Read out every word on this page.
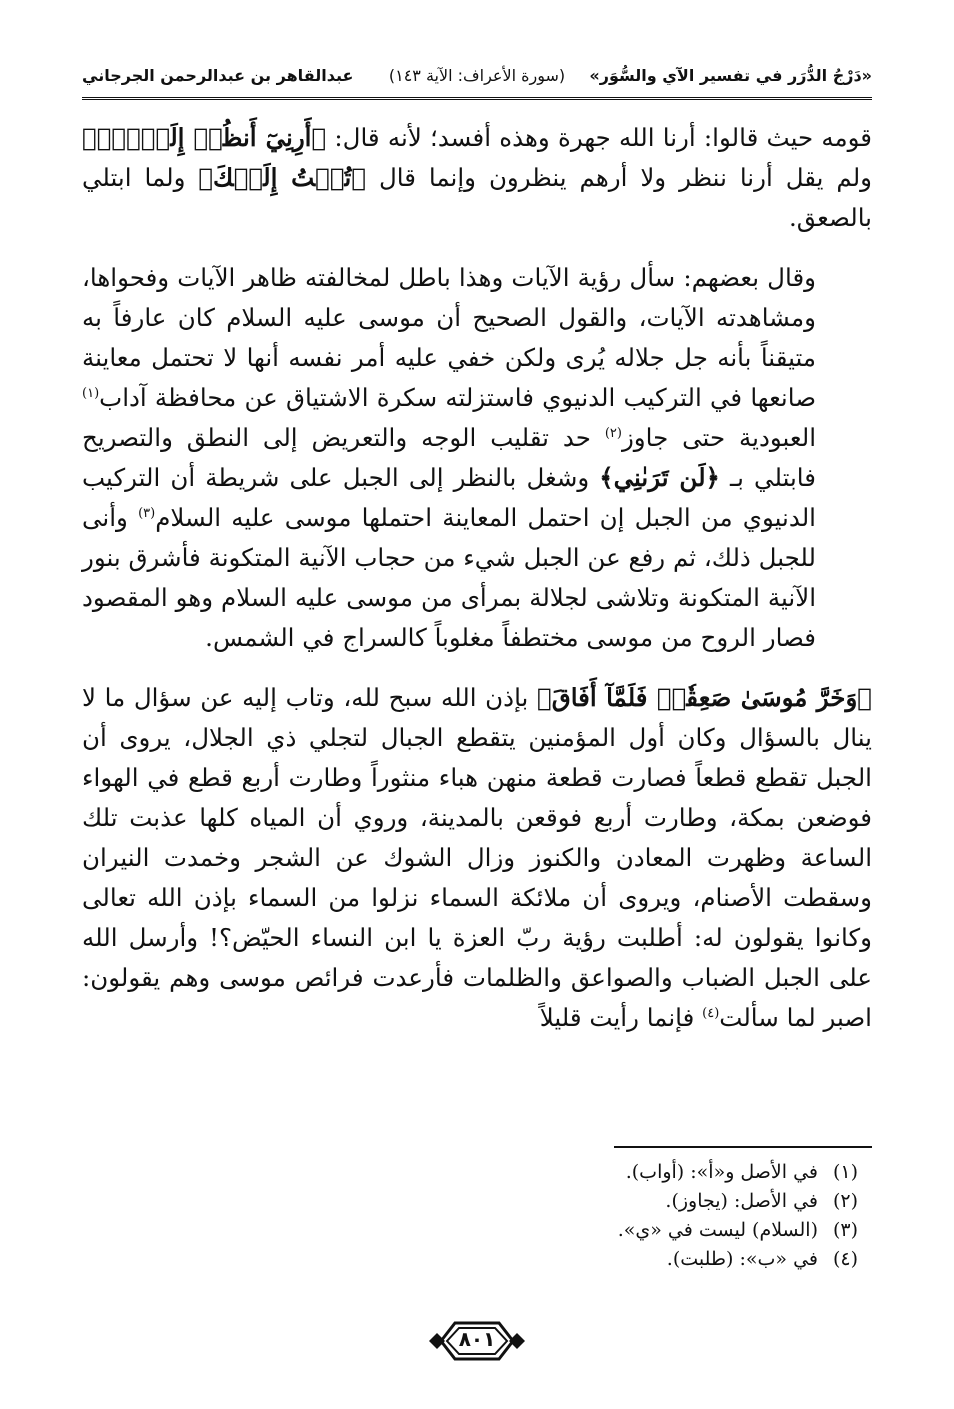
عبدالقاهر بن عبدالرحمن الجرجاني	(سورة الأعراف: الآية ١٤٣)	«دَرْجُ الدُّرَر في تفسير الآي والسُّوَر»

قومه حيث قالوا: أرنا الله جهرة وهذه أفسد؛ لأنه قال: ﴿أَرِنِيٓ أَنظُرۡ إِلَيۡكَۚ﴾ ولم يقل أرنا ننظر ولا أرهم ينظرون وإنما قال ﴿تُبۡتُ إِلَيۡكَ﴾ ولما ابتلي بالصعق.

وقال بعضهم: سأل رؤية الآيات وهذا باطل لمخالفته ظاهر الآيات وفحواها، ومشاهدته الآيات، والقول الصحيح أن موسى عليه السلام كان عارفاً به متيقناً بأنه جل جلاله يُرى ولكن خفي عليه أمر نفسه أنها لا تحتمل معاينة صانعها في التركيب الدنيوي فاستزلته سكرة الاشتياق عن محافظة آداب$^{(١)}$ العبودية حتى جاوز$^{(٢)}$ حد تقليب الوجه والتعريض إلى النطق والتصريح فابتلي بـ ﴿لَن تَرَىٰنِي﴾ وشغل بالنظر إلى الجبل على شريطة أن التركيب الدنيوي من الجبل إن احتمل المعاينة احتملها موسى عليه السلام$^{(٣)}$ وأنى للجبل ذلك، ثم رفع عن الجبل شيء من حجاب الآنية المتكونة فأشرق بنور الآنية المتكونة وتلاشى لجلالة بمرأى من موسى عليه السلام وهو المقصود فصار الروح من موسى مختطفاً مغلوباً كالسراج في الشمس.

﴿وَخَرَّ مُوسَىٰ صَعِقٗاۚ فَلَمَّآ أَفَاقَ﴾ بإذن الله سبح لله، وتاب إليه عن سؤال ما لا ينال بالسؤال وكان أول المؤمنين يتقطع الجبال لتجلي ذي الجلال، يروى أن الجبل تقطع قطعاً فصارت قطعة منهن هباء منثوراً وطارت أربع قطع في الهواء فوضعن بمكة، وطارت أربع فوقعن بالمدينة، وروي أن المياه كلها عذبت تلك الساعة وظهرت المعادن والكنوز وزال الشوك عن الشجر وخمدت النيران وسقطت الأصنام، ويروى أن ملائكة السماء نزلوا من السماء بإذن الله تعالى وكانوا يقولون له: أطلبت رؤية ربّ العزة يا ابن النساء الحيّض؟! وأرسل الله على الجبل الضباب والصواعق والظلمات فأرعدت فرائص موسى وهم يقولون: اصبر لما سألت$^{(٤)}$ فإنما رأيت قليلاً

(١)في الأصل و«أ»: (أواب).
(٢)في الأصل: (يجاوز).
(٣)(السلام) ليست في «ي».
(٤)في «ب»: (طلبت).
٨٠١
